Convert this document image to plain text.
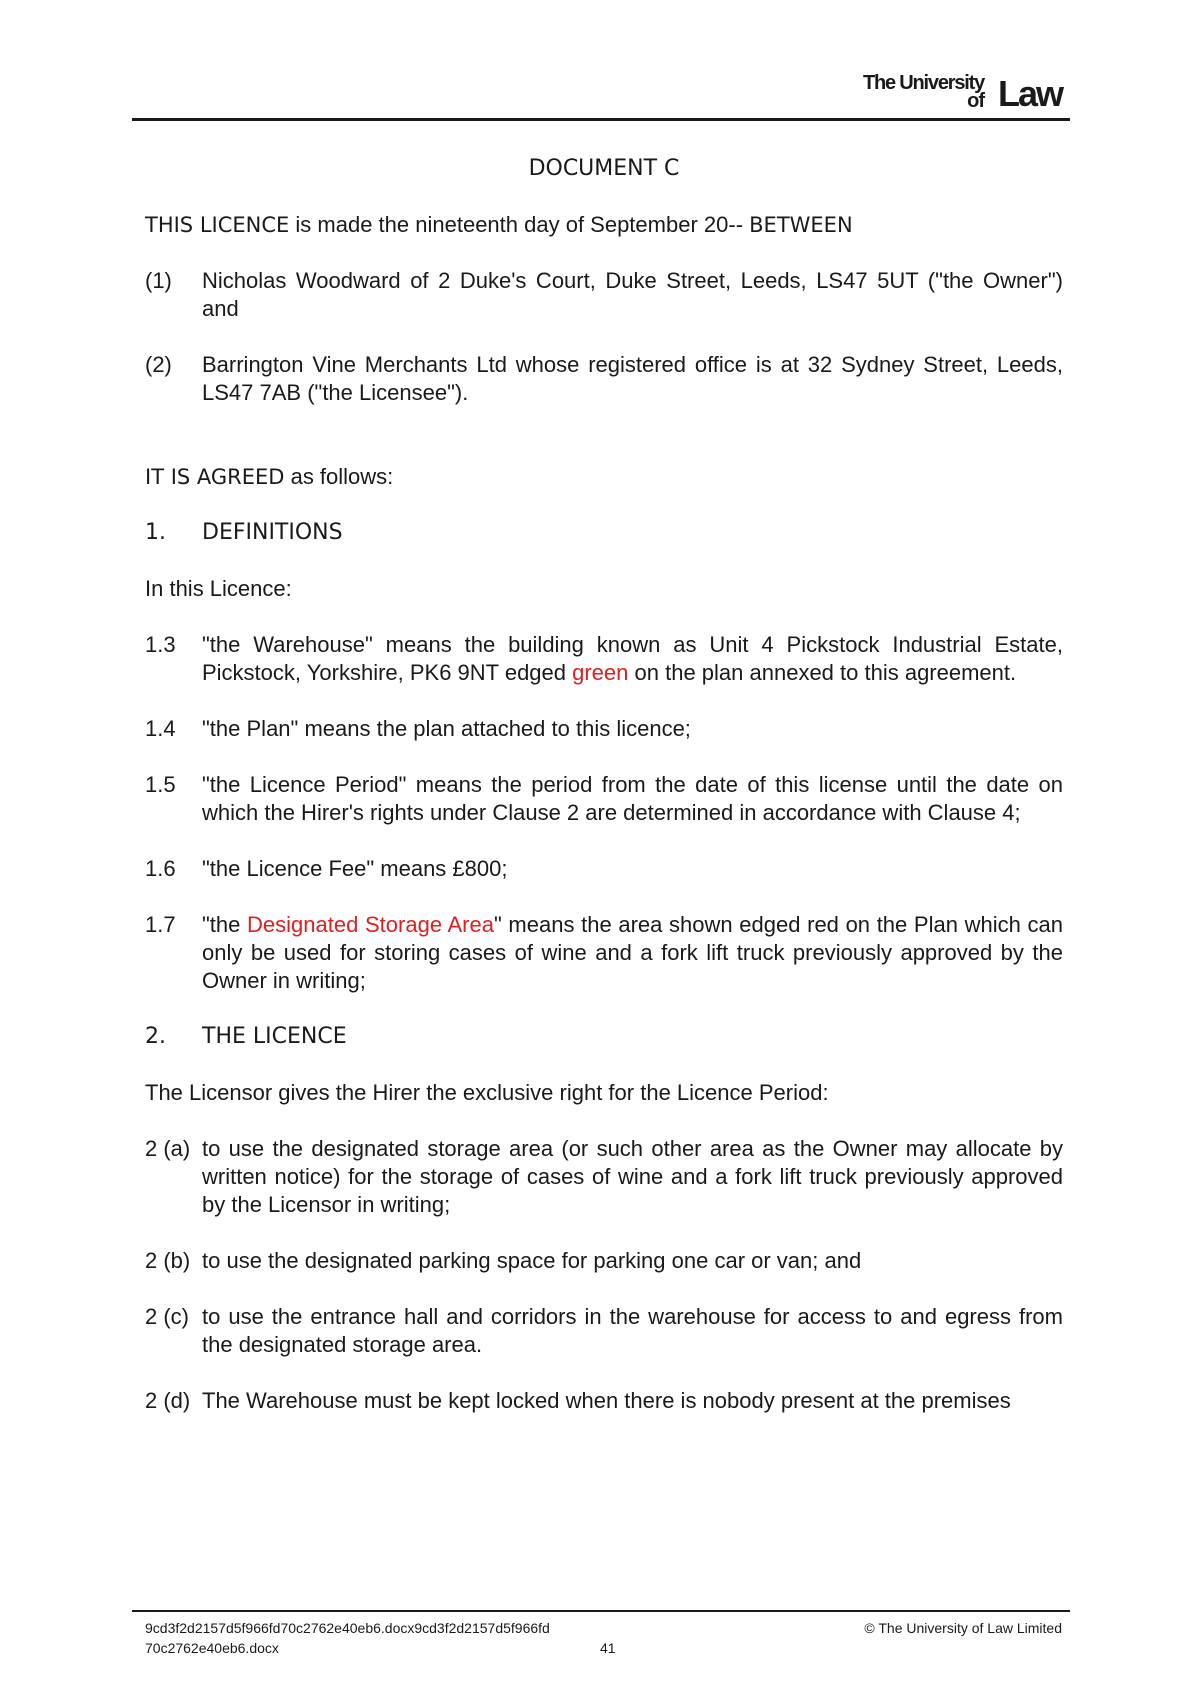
The University
of Law

DOCUMENT C

THIS LICENCE is made the nineteenth day of September 20-- BETWEEN

(1)	Nicholas Woodward of 2 Duke's Court, Duke Street, Leeds, LS47 5UT ("the Owner") and
(2)	Barrington Vine Merchants Ltd whose registered office is at 32 Sydney Street, Leeds, LS47 7AB ("the Licensee").

IT IS AGREED as follows:

1.	DEFINITIONS

In this Licence:

1.3	"the Warehouse" means the building known as Unit 4 Pickstock Industrial Estate, Pickstock, Yorkshire, PK6 9NT edged green on the plan annexed to this agreement.
1.4	"the Plan" means the plan attached to this licence;
1.5	"the Licence Period" means the period from the date of this license until the date on which the Hirer's rights under Clause 2 are determined in accordance with Clause 4;
1.6	"the Licence Fee" means £800;
1.7	"the Designated Storage Area" means the area shown edged red on the Plan which can only be used for storing cases of wine and a fork lift truck previously approved by the Owner in writing;
2.	THE LICENCE

The Licensor gives the Hirer the exclusive right for the Licence Period:

2 (a) to use the designated storage area (or such other area as the Owner may allocate by written notice) for the storage of cases of wine and a fork lift truck previously approved by the Licensor in writing;
2 (b) to use the designated parking space for parking one car or van; and
2 (c) to use the entrance hall and corridors in the warehouse for access to and egress from the designated storage area.
2 (d) The Warehouse must be kept locked when there is nobody present at the premises
9cd3f2d2157d5f966fd70c2762e40eb6.docx9cd3f2d2157d5f966fd
70c2762e40eb6.docx
© The University of Law Limited
41
